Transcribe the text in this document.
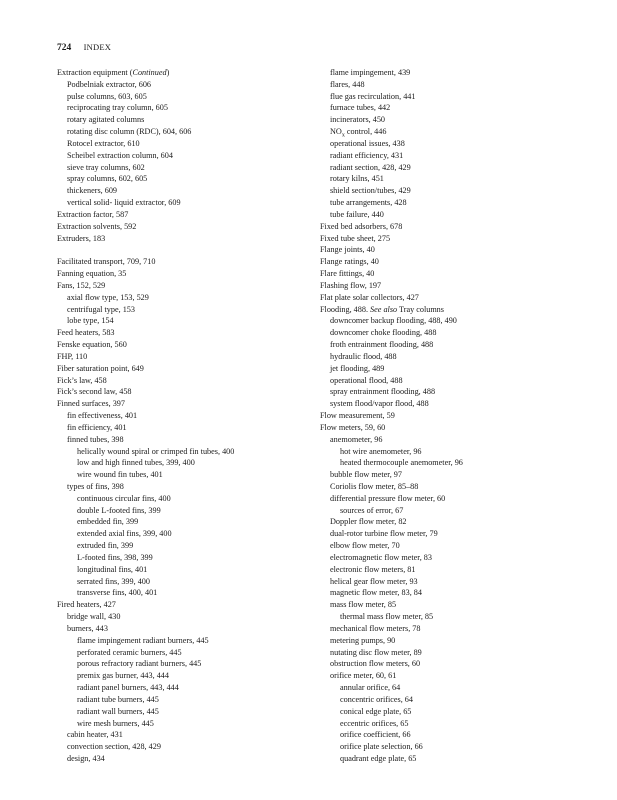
724 INDEX
Extraction equipment (Continued)
Podbelniak extractor, 606
pulse columns, 603, 605
reciprocating tray column, 605
rotary agitated columns
rotating disc column (RDC), 604, 606
Rotocel extractor, 610
Scheibel extraction column, 604
sieve tray columns, 602
spray columns, 602, 605
thickeners, 609
vertical solid- liquid extractor, 609
Extraction factor, 587
Extraction solvents, 592
Extruders, 183
Facilitated transport, 709, 710
Fanning equation, 35
Fans, 152, 529
axial flow type, 153, 529
centrifugal type, 153
lobe type, 154
Feed heaters, 583
Fenske equation, 560
FHP, 110
Fiber saturation point, 649
Fick’s law, 458
Fick’s second law, 458
Finned surfaces, 397
fin effectiveness, 401
fin efficiency, 401
finned tubes, 398
helically wound spiral or crimped fin tubes, 400
low and high finned tubes, 399, 400
wire wound fin tubes, 401
types of fins, 398
continuous circular fins, 400
double L-footed fins, 399
embedded fin, 399
extended axial fins, 399, 400
extruded fin, 399
L-footed fins, 398, 399
longitudinal fins, 401
serrated fins, 399, 400
transverse fins, 400, 401
Fired heaters, 427
bridge wall, 430
burners, 443
flame impingement radiant burners, 445
perforated ceramic burners, 445
porous refractory radiant burners, 445
premix gas burner, 443, 444
radiant panel burners, 443, 444
radiant tube burners, 445
radiant wall burners, 445
wire mesh burners, 445
cabin heater, 431
convection section, 428, 429
design, 434
flame impingement, 439
flares, 448
flue gas recirculation, 441
furnace tubes, 442
incinerators, 450
$NO_x$ control, 446
operational issues, 438
radiant efficiency, 431
radiant section, 428, 429
rotary kilns, 451
shield section/tubes, 429
tube arrangements, 428
tube failure, 440
Fixed bed adsorbers, 678
Fixed tube sheet, 275
Flange joints, 40
Flange ratings, 40
Flare fittings, 40
Flashing flow, 197
Flat plate solar collectors, 427
Flooding, 488. See also Tray columns
downcomer backup flooding, 488, 490
downcomer choke flooding, 488
froth entrainment flooding, 488
hydraulic flood, 488
jet flooding, 489
operational flood, 488
spray entrainment flooding, 488
system flood/vapor flood, 488
Flow measurement, 59
Flow meters, 59, 60
anemometer, 96
hot wire anemometer, 96
heated thermocouple anemometer, 96
bubble flow meter, 97
Coriolis flow meter, 85–88
differential pressure flow meter, 60
sources of error, 67
Doppler flow meter, 82
dual-rotor turbine flow meter, 79
elbow flow meter, 70
electromagnetic flow meter, 83
electronic flow meters, 81
helical gear flow meter, 93
magnetic flow meter, 83, 84
mass flow meter, 85
thermal mass flow meter, 85
mechanical flow meters, 78
metering pumps, 90
nutating disc flow meter, 89
obstruction flow meters, 60
orifice meter, 60, 61
annular orifice, 64
concentric orifices, 64
conical edge plate, 65
eccentric orifices, 65
orifice coefficient, 66
orifice plate selection, 66
quadrant edge plate, 65
